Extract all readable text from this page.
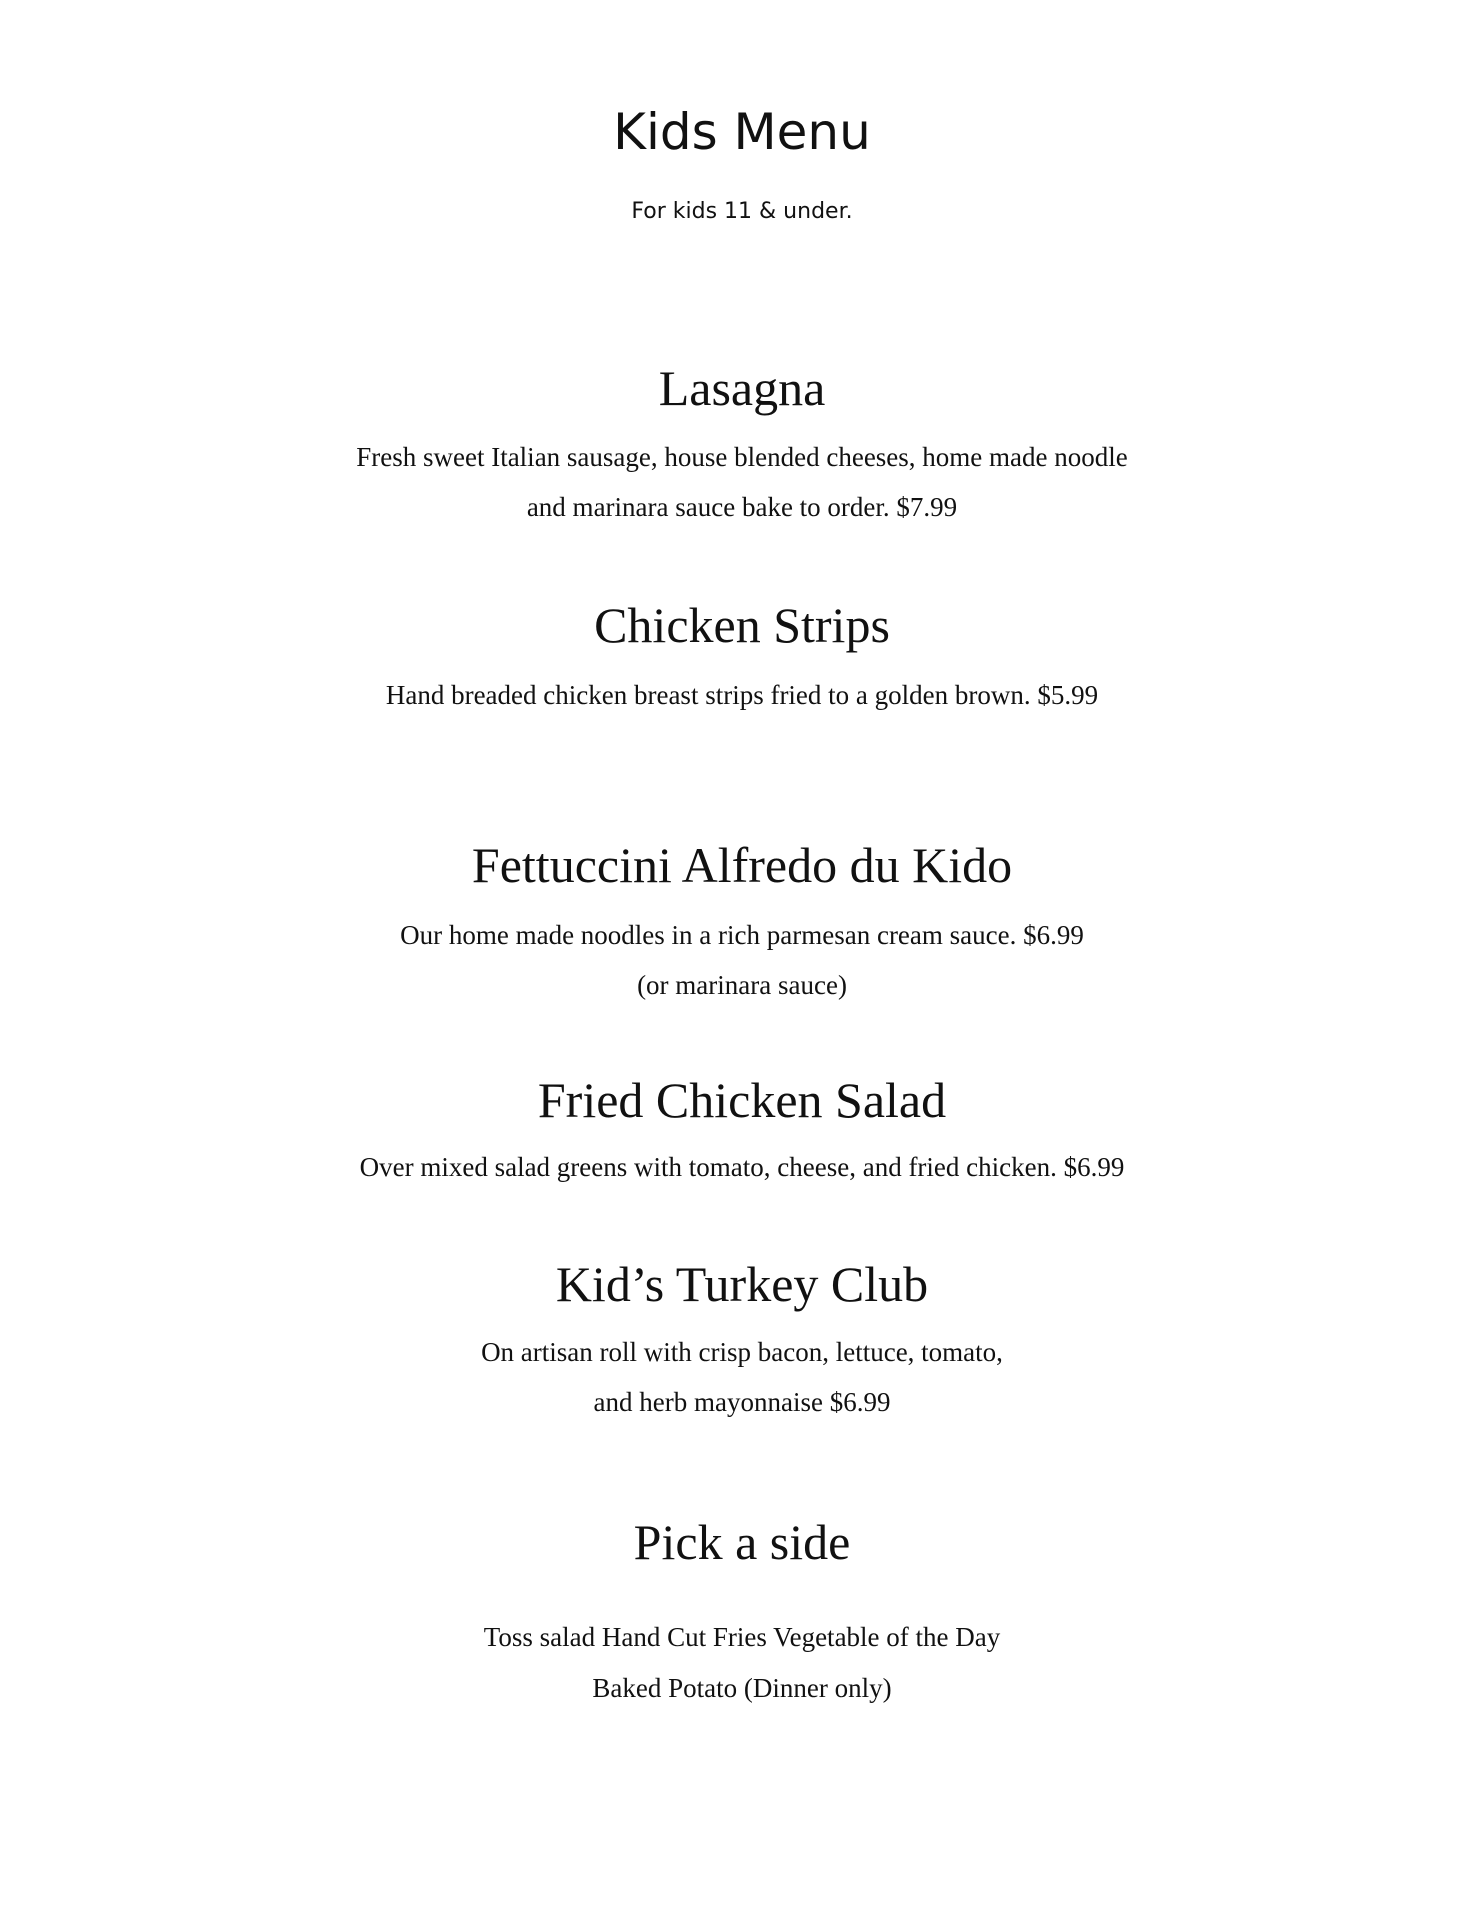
Kids Menu
For kids 11 & under.
Lasagna
Fresh sweet Italian sausage, house blended cheeses, home made noodle
and marinara sauce bake to order. $7.99
Chicken Strips
Hand breaded chicken breast strips fried to a golden brown. $5.99
Fettuccini Alfredo du Kido
Our home made noodles in a rich parmesan cream sauce. $6.99
(or marinara sauce)
Fried Chicken Salad
Over mixed salad greens with tomato, cheese, and fried chicken. $6.99
Kid’s Turkey Club
On artisan roll with crisp bacon, lettuce, tomato,
and herb mayonnaise $6.99
Pick a side
Toss salad Hand Cut Fries Vegetable of the Day
Baked Potato (Dinner only)
